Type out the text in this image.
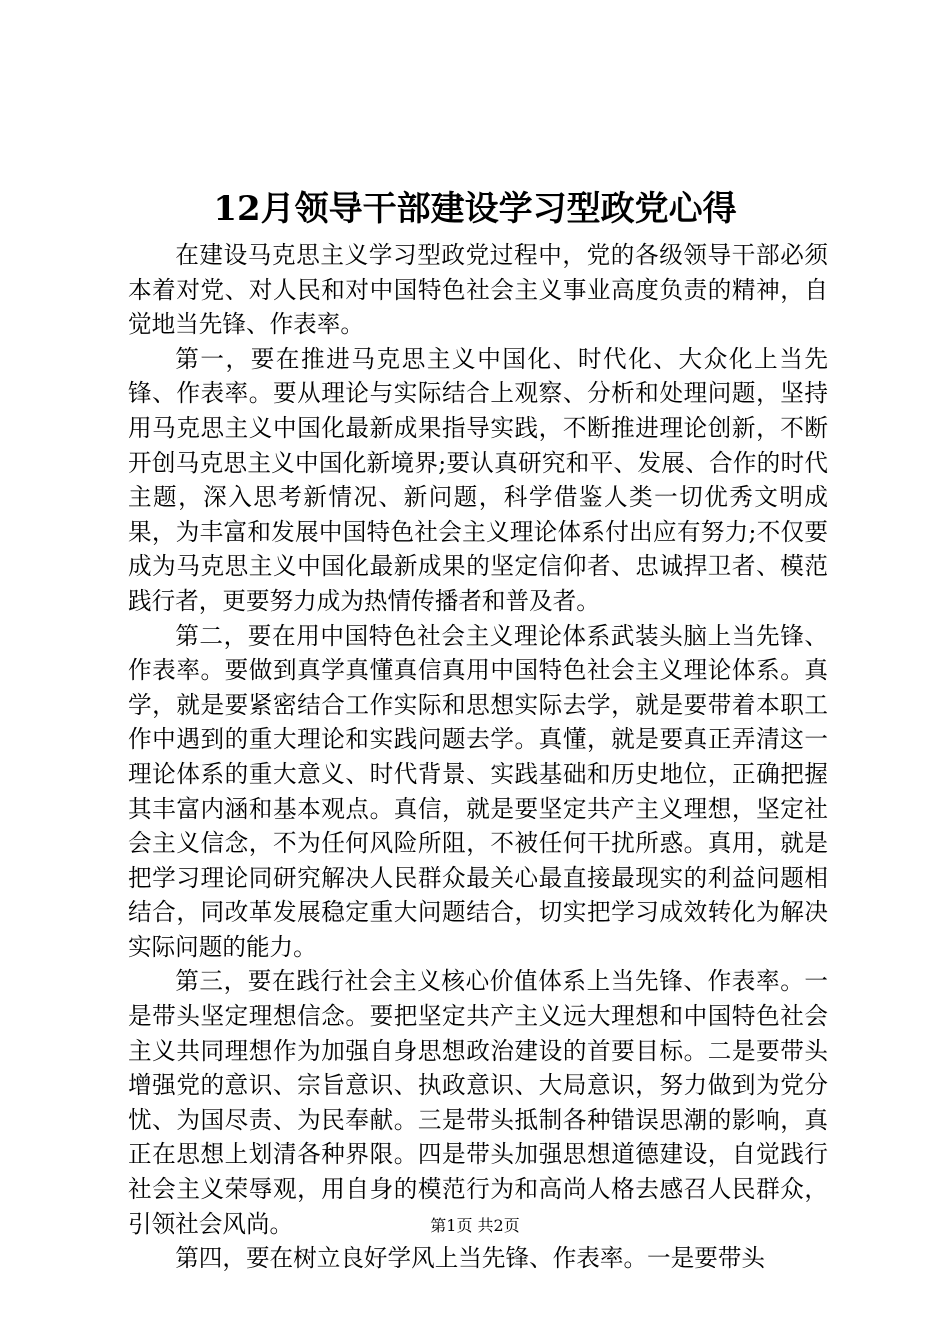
12月领导干部建设学习型政党心得

在建设马克思主义学习型政党过程中，党的各级领导干部必须本着对党、对人民和对中国特色社会主义事业高度负责的精神，自觉地当先锋、作表率。

第一，要在推进马克思主义中国化、时代化、大众化上当先锋、作表率。要从理论与实际结合上观察、分析和处理问题，坚持用马克思主义中国化最新成果指导实践，不断推进理论创新，不断开创马克思主义中国化新境界;要认真研究和平、发展、合作的时代主题，深入思考新情况、新问题，科学借鉴人类一切优秀文明成果，为丰富和发展中国特色社会主义理论体系付出应有努力;不仅要成为马克思主义中国化最新成果的坚定信仰者、忠诚捍卫者、模范践行者，更要努力成为热情传播者和普及者。

第二，要在用中国特色社会主义理论体系武装头脑上当先锋、作表率。要做到真学真懂真信真用中国特色社会主义理论体系。真学，就是要紧密结合工作实际和思想实际去学，就是要带着本职工作中遇到的重大理论和实践问题去学。真懂，就是要真正弄清这一理论体系的重大意义、时代背景、实践基础和历史地位，正确把握其丰富内涵和基本观点。真信，就是要坚定共产主义理想，坚定社会主义信念，不为任何风险所阻，不被任何干扰所惑。真用，就是把学习理论同研究解决人民群众最关心最直接最现实的利益问题相结合，同改革发展稳定重大问题结合，切实把学习成效转化为解决实际问题的能力。

第三，要在践行社会主义核心价值体系上当先锋、作表率。一是带头坚定理想信念。要把坚定共产主义远大理想和中国特色社会主义共同理想作为加强自身思想政治建设的首要目标。二是要带头增强党的意识、宗旨意识、执政意识、大局意识，努力做到为党分忧、为国尽责、为民奉献。三是带头抵制各种错误思潮的影响，真正在思想上划清各种界限。四是带头加强思想道德建设，自觉践行社会主义荣辱观，用自身的模范行为和高尚人格去感召人民群众，引领社会风尚。

第四，要在树立良好学风上当先锋、作表率。一是要带头

第1页 共2页
